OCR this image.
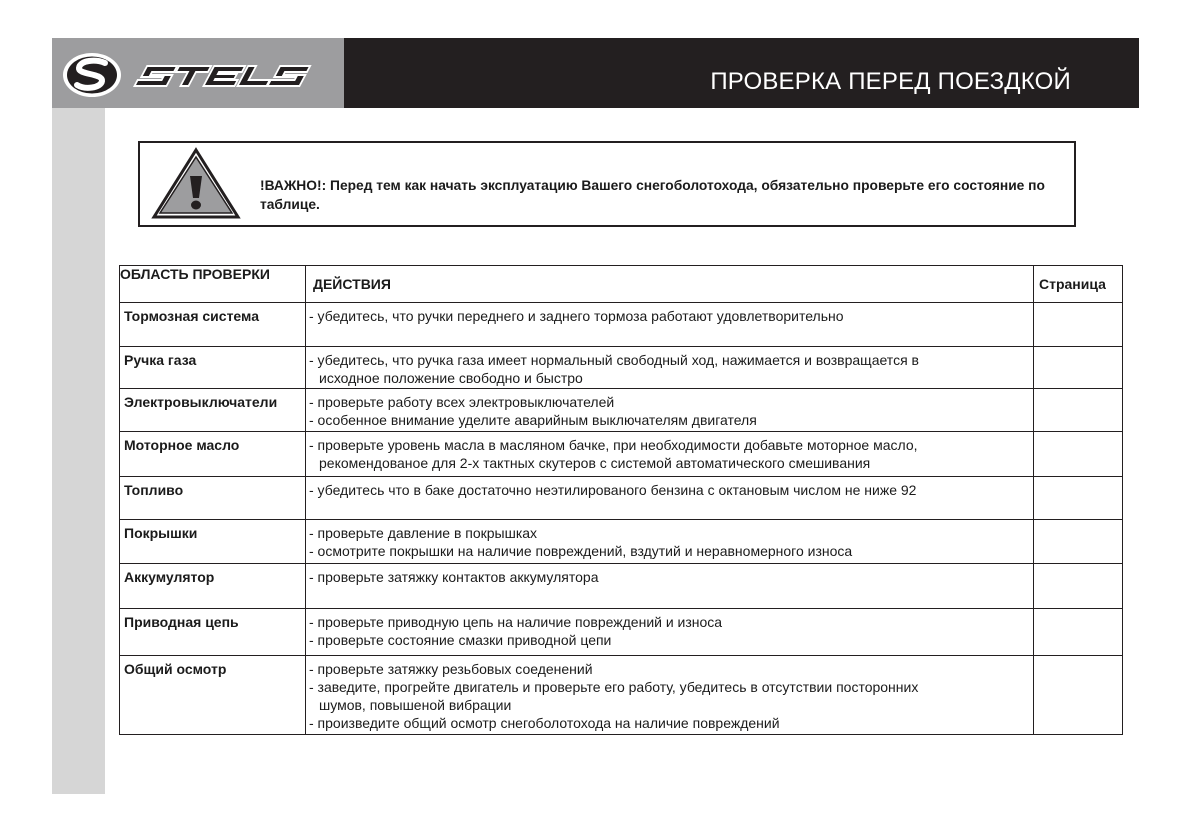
ПРОВЕРКА ПЕРЕД ПОЕЗДКОЙ
!ВАЖНО!: Перед тем как начать эксплуатацию Вашего снегоболотохода, обязательно проверьте его состояние по таблице.
ОБЛАСТЬ ПРОВЕРКИ	ДЕЙСТВИЯ	Страница
Тормозная система	- убедитесь, что ручки переднего и заднего тормоза работают удовлетворительно	

Ручка газа	- убедитесь, что ручка газа имеет нормальный свободный ход, нажимается и возвращается в
исходное положение свободно и быстро	

Электровыключатели	- проверьте работу всех электровыключателей
- особенное внимание уделите аварийным выключателям двигателя	

Моторное масло	- проверьте уровень масла в масляном бачке, при необходимости добавьте моторное масло,
рекомендованое для 2-х тактных скутеров с системой автоматического смешивания	

Топливо	- убедитесь что в баке достаточно неэтилированого бензина с октановым числом не ниже 92	

Покрышки	- проверьте давление в покрышках
- осмотрите покрышки на наличие повреждений, вздутий и неравномерного износа	

Аккумулятор	- проверьте затяжку контактов аккумулятора	

Приводная цепь	- проверьте приводную цепь на наличие повреждений и износа
- проверьте состояние смазки приводной цепи	

Общий осмотр	- проверьте затяжку резьбовых соеденений
- заведите, прогрейте двигатель и проверьте его работу, убедитесь в отсутствии посторонних
шумов, повышеной вибрации
- произведите общий осмотр снегоболотохода на наличие повреждений	
